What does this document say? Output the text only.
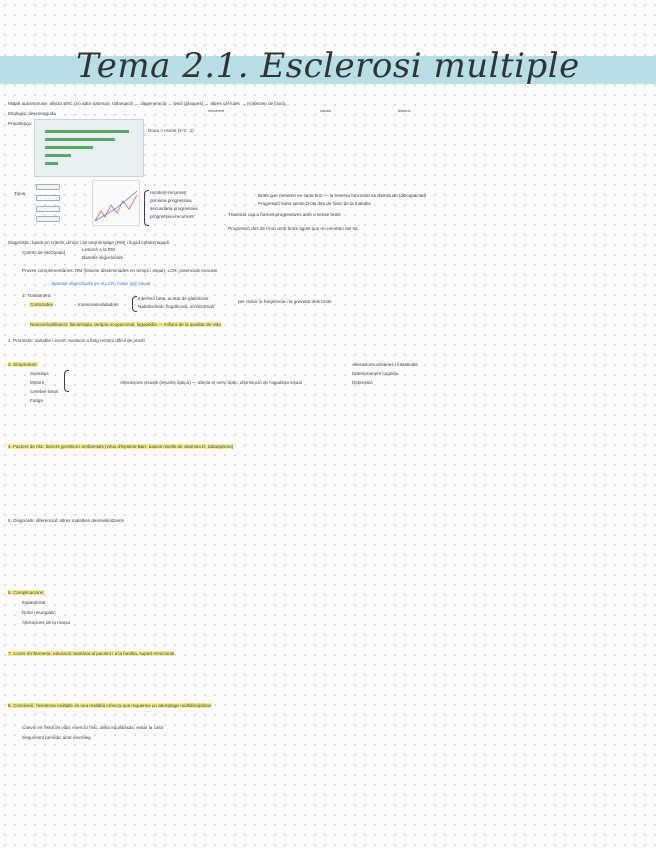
Tema 2.1. Esclerosi multiple
Malalt autoimmune: afecta SNC (no altra sistema). Inflamació → disgeneració → lesió (plaques) → altres cèl·lules → (s'afecten de l'axó)...
recurrent	causa	lesions
Etiologia: desconeguda
Prevalença:
Dona > Home (2-3 : 1)
Tipus	remitent-recurrent
primària progressiva
secundària progressiva
progressiva-recurrent
Brots que remeten en cada brot — la reserva funcional va disminuint (discapacitat)
Progressió lenta sense brots des de l'inici de la malaltia
Transició cap a formes progressives amb o sense brots
Progressió des de l'inici amb brots aguts que no remeten del tot.
Diagnòstic: basat en criteris clínics i de neuroimatge (RM) i líquid cefalorraquidi
Criteris de McDonald
Lesions a la RM
Bandes oligoclonals
Proves complementàries: RM (lesions disseminades en temps i espai), LCR, potencials evocats
Bandes oligoclonals en el LCR, índex IgG elevat
1. Tractament:
Corticoides	Immunomoduladors
Interferó beta, acetat de glatiràmer
Natalizumab, fingolimod, ocrelizumab
per reduir la freqüència i la gravetat dels brots
Neurorehabilitació: fisioteràpia, teràpia ocupacional, logopèdia — millora de la qualitat de vida
2. Pronòstic: variable i incert; evolució a llarg termini difícil de predir
3. Símptomes:
Sensitius
Motors
Cerebel·losos
Fatiga
Alteracions visuals (neuritis òptica) — afecta el nervi òptic, disminució de l'agudesa visual
Alteracions urinàries i intestinals
Deteriorament cognitiu
Depressió
4. Factors de risc: factors genètics i ambientals (virus d'Epstein-Barr, baixos nivells de vitamina D, tabaquisme)
5. Diagnòstic diferencial: altres malalties desmielinitzants
6. Complicacions:
Espasticitat
Dolor neuropàtic
Alteracions de la marxa
7. Cures d'infermeria: educació sanitària al pacient i a la família, suport emocional
8. Conclusió: l'esclerosi múltiple és una malaltia crònica que requereix un abordatge multidisciplinari
Canvis en l'estil de vida: exercici físic, dieta equilibrada, evitar la calor
Seguiment periòdic amb neuròleg
